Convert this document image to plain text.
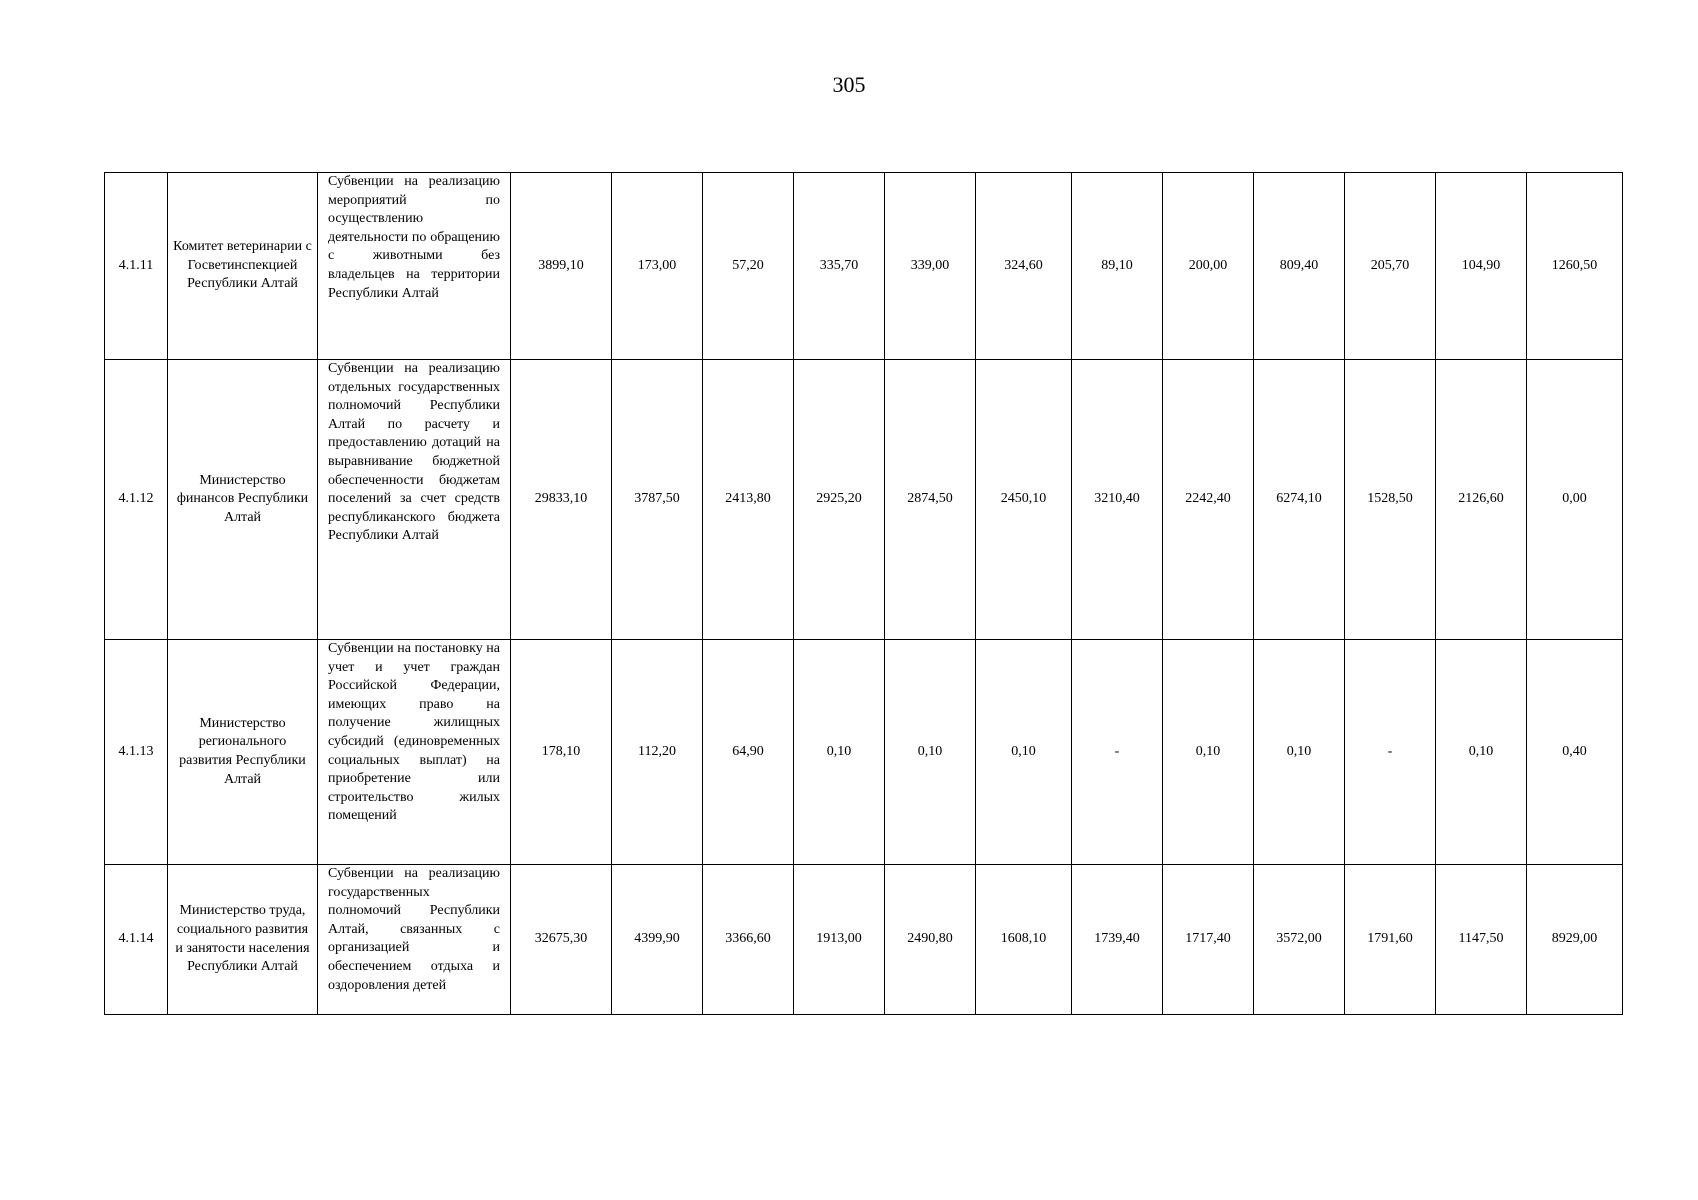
305
4.1.11	Комитет ветеринарии с Госветинспекцией Республики Алтай	Субвенции на реализацию мероприятий по осуществлению деятельности по обращению с животными без владельцев на территории Республики Алтай	3899,10	173,00	57,20	335,70	339,00	324,60	89,10	200,00	809,40	205,70	104,90	1260,50
4.1.12	Министерство финансов Республики Алтай	Субвенции на реализацию отдельных государственных полномочий Республики Алтай по расчету и предоставлению дотаций на выравнивание бюджетной обеспеченности бюджетам поселений за счет средств республиканского бюджета Республики Алтай	29833,10	3787,50	2413,80	2925,20	2874,50	2450,10	3210,40	2242,40	6274,10	1528,50	2126,60	0,00
4.1.13	Министерство регионального развития Республики Алтай	Субвенции на постановку на учет и учет граждан Российской Федерации, имеющих право на получение жилищных субсидий (единовременных социальных выплат) на приобретение или строительство жилых помещений	178,10	112,20	64,90	0,10	0,10	0,10	-	0,10	0,10	-	0,10	0,40
4.1.14	Министерство труда, социального развития и занятости населения Республики Алтай	Субвенции на реализацию государственных полномочий Республики Алтай, связанных с организацией и обеспечением отдыха и оздоровления детей	32675,30	4399,90	3366,60	1913,00	2490,80	1608,10	1739,40	1717,40	3572,00	1791,60	1147,50	8929,00
